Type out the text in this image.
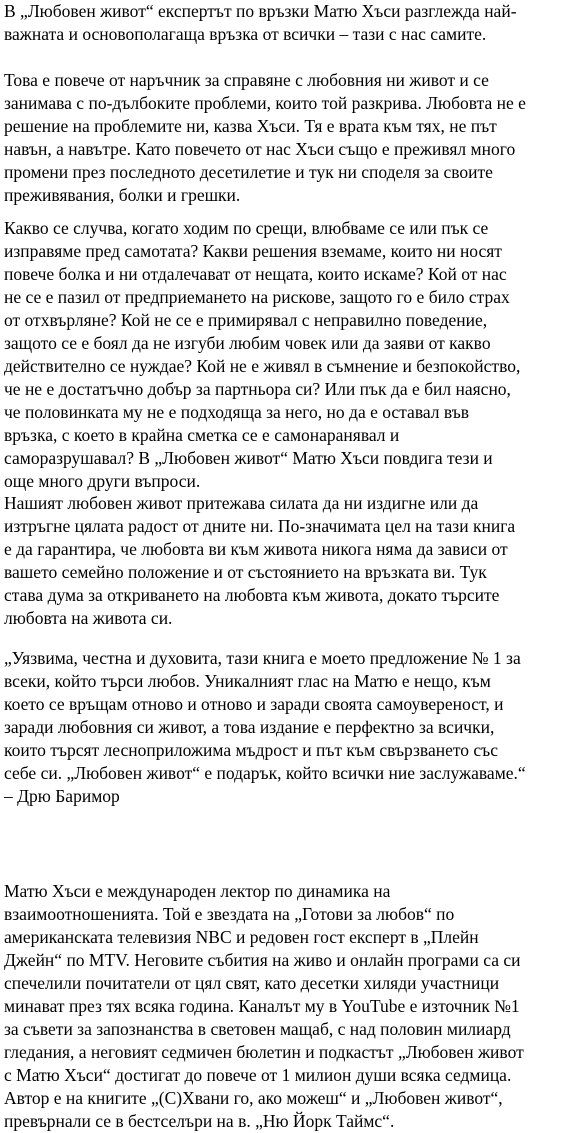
В „Любовен живот“ експертът по връзки Матю Хъси разглежда най-
важната и основополагаща връзка от всички – тази с нас самите.

Това е повече от наръчник за справяне с любовния ни живот и се
занимава с по-дълбоките проблеми, които той разкрива. Любовта не е
решение на проблемите ни, казва Хъси. Тя е врата към тях, не път
навън, а навътре. Като повечето от нас Хъси също е преживял много
промени през последното десетилетие и тук ни споделя за своите
преживявания, болки и грешки.

Какво се случва, когато ходим по срещи, влюбваме се или пък се
изправяме пред самотата? Какви решения вземаме, които ни носят
повече болка и ни отдалечават от нещата, които искаме? Кой от нас
не се е пазил от предприемането на рискове, защото го е било страх
от отхвърляне? Кой не се е примирявал с неправилно поведение,
защото се е боял да не изгуби любим човек или да заяви от какво
действително се нуждае? Кой не е живял в съмнение и безпокойство,
че не е достатъчно добър за партньора си? Или пък да е бил наясно,
че половинката му не е подходяща за него, но да е оставал във
връзка, с което в крайна сметка се е самонаранявал и
саморазрушавал? В „Любовен живот“ Матю Хъси повдига тези и
още много други въпроси.

Нашият любовен живот притежава силата да ни издигне или да
изтръгне цялата радост от дните ни. По-значимата цел на тази книга
е да гарантира, че любовта ви към живота никога няма да зависи от
вашето семейно положение и от състоянието на връзката ви. Тук
става дума за откриването на любовта към живота, докато търсите
любовта на живота си.

„Уязвима, честна и духовита, тази книга е моето предложение № 1 за
всеки, който търси любов. Уникалният глас на Матю е нещо, към
което се връщам отново и отново и заради своята самоувереност, и
заради любовния си живот, а това издание е перфектно за всички,
които търсят леснoприложима мъдрост и път към свързването със
себе си. „Любовен живот“ е подарък, който всички ние заслужаваме.“
– Дрю Баримор

Матю Хъси е международен лектор по динамика на
взаимоотношенията. Той е звездата на „Готови за любов“ по
американската телевизия NBC и редовен гост експерт в „Плейн
Джейн“ по MTV. Неговите събития на живо и онлайн програми са си
спечелили почитатели от цял свят, като десетки хиляди участници
минават през тях всяка година. Каналът му в YouTube е източник №1
за съвети за запознанства в световен мащаб, с над половин милиард
гледания, а неговият седмичен бюлетин и подкастът „Любовен живот
с Матю Хъси“ достигат до повече от 1 милион души всяка седмица.
Автор е на книгите „(С)Хвани го, ако можеш“ и „Любовен живот“,
превърнали се в бестселъри на в. „Ню Йорк Таймс“.
